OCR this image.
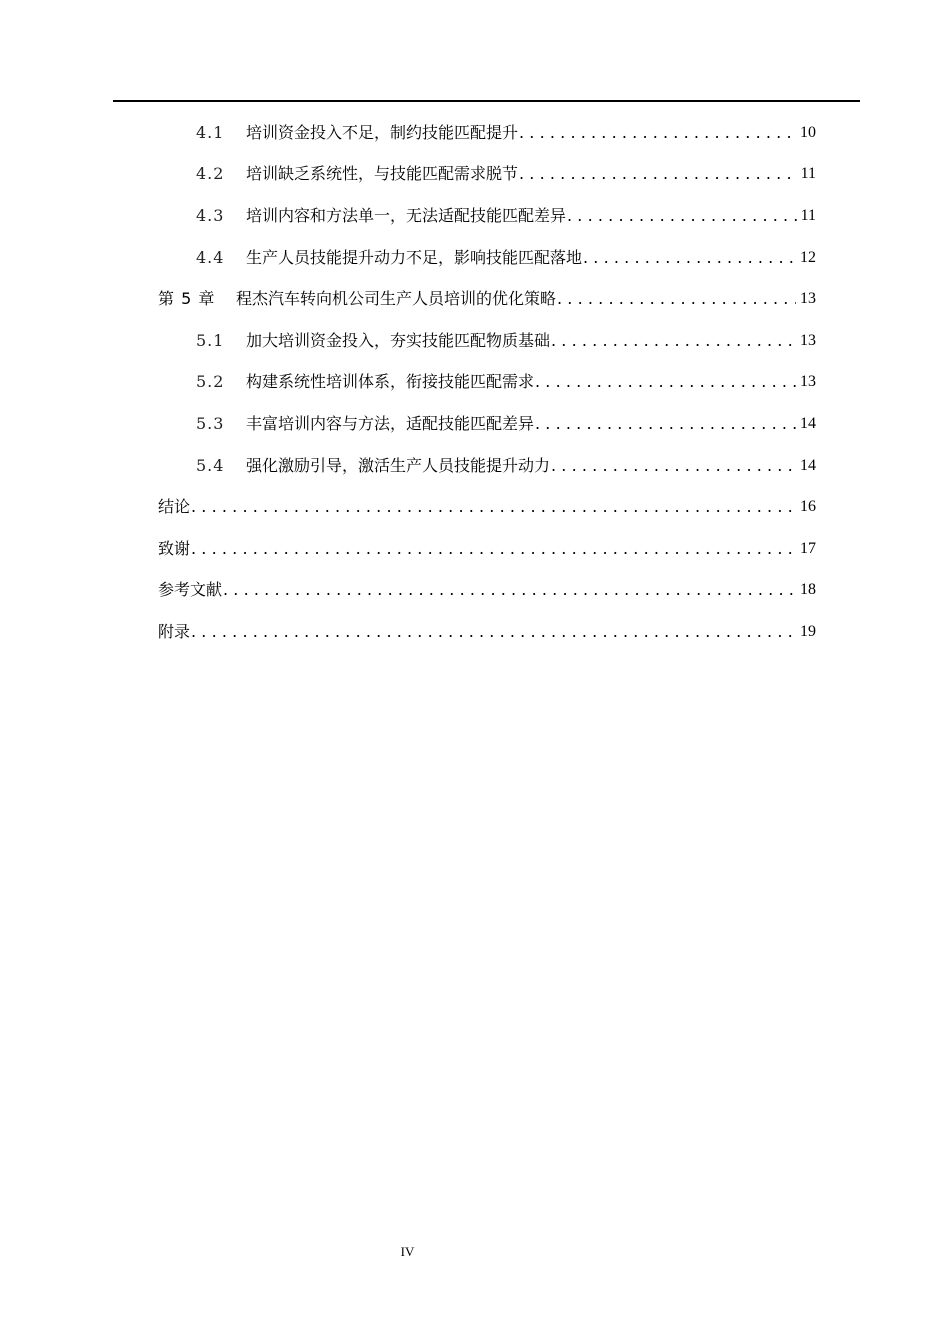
4.1	培训资金投入不足，制约技能匹配提升 .....	10
4.2	培训缺乏系统性，与技能匹配需求脱节 .....	11
4.3	培训内容和方法单一，无法适配技能匹配差异 .....	11
4.4	生产人员技能提升动力不足，影响技能匹配落地 .....	12
第 5 章	程杰汽车转向机公司生产人员培训的优化策略 .....	13
5.1	加大培训资金投入，夯实技能匹配物质基础 .....	13
5.2	构建系统性培训体系，衔接技能匹配需求 .....	13
5.3	丰富培训内容与方法，适配技能匹配差异 .....	14
5.4	强化激励引导，激活生产人员技能提升动力 .....	14
结论 .....	16
致谢 .....	17
参考文献 .....	18
附录 .....	19
IV
